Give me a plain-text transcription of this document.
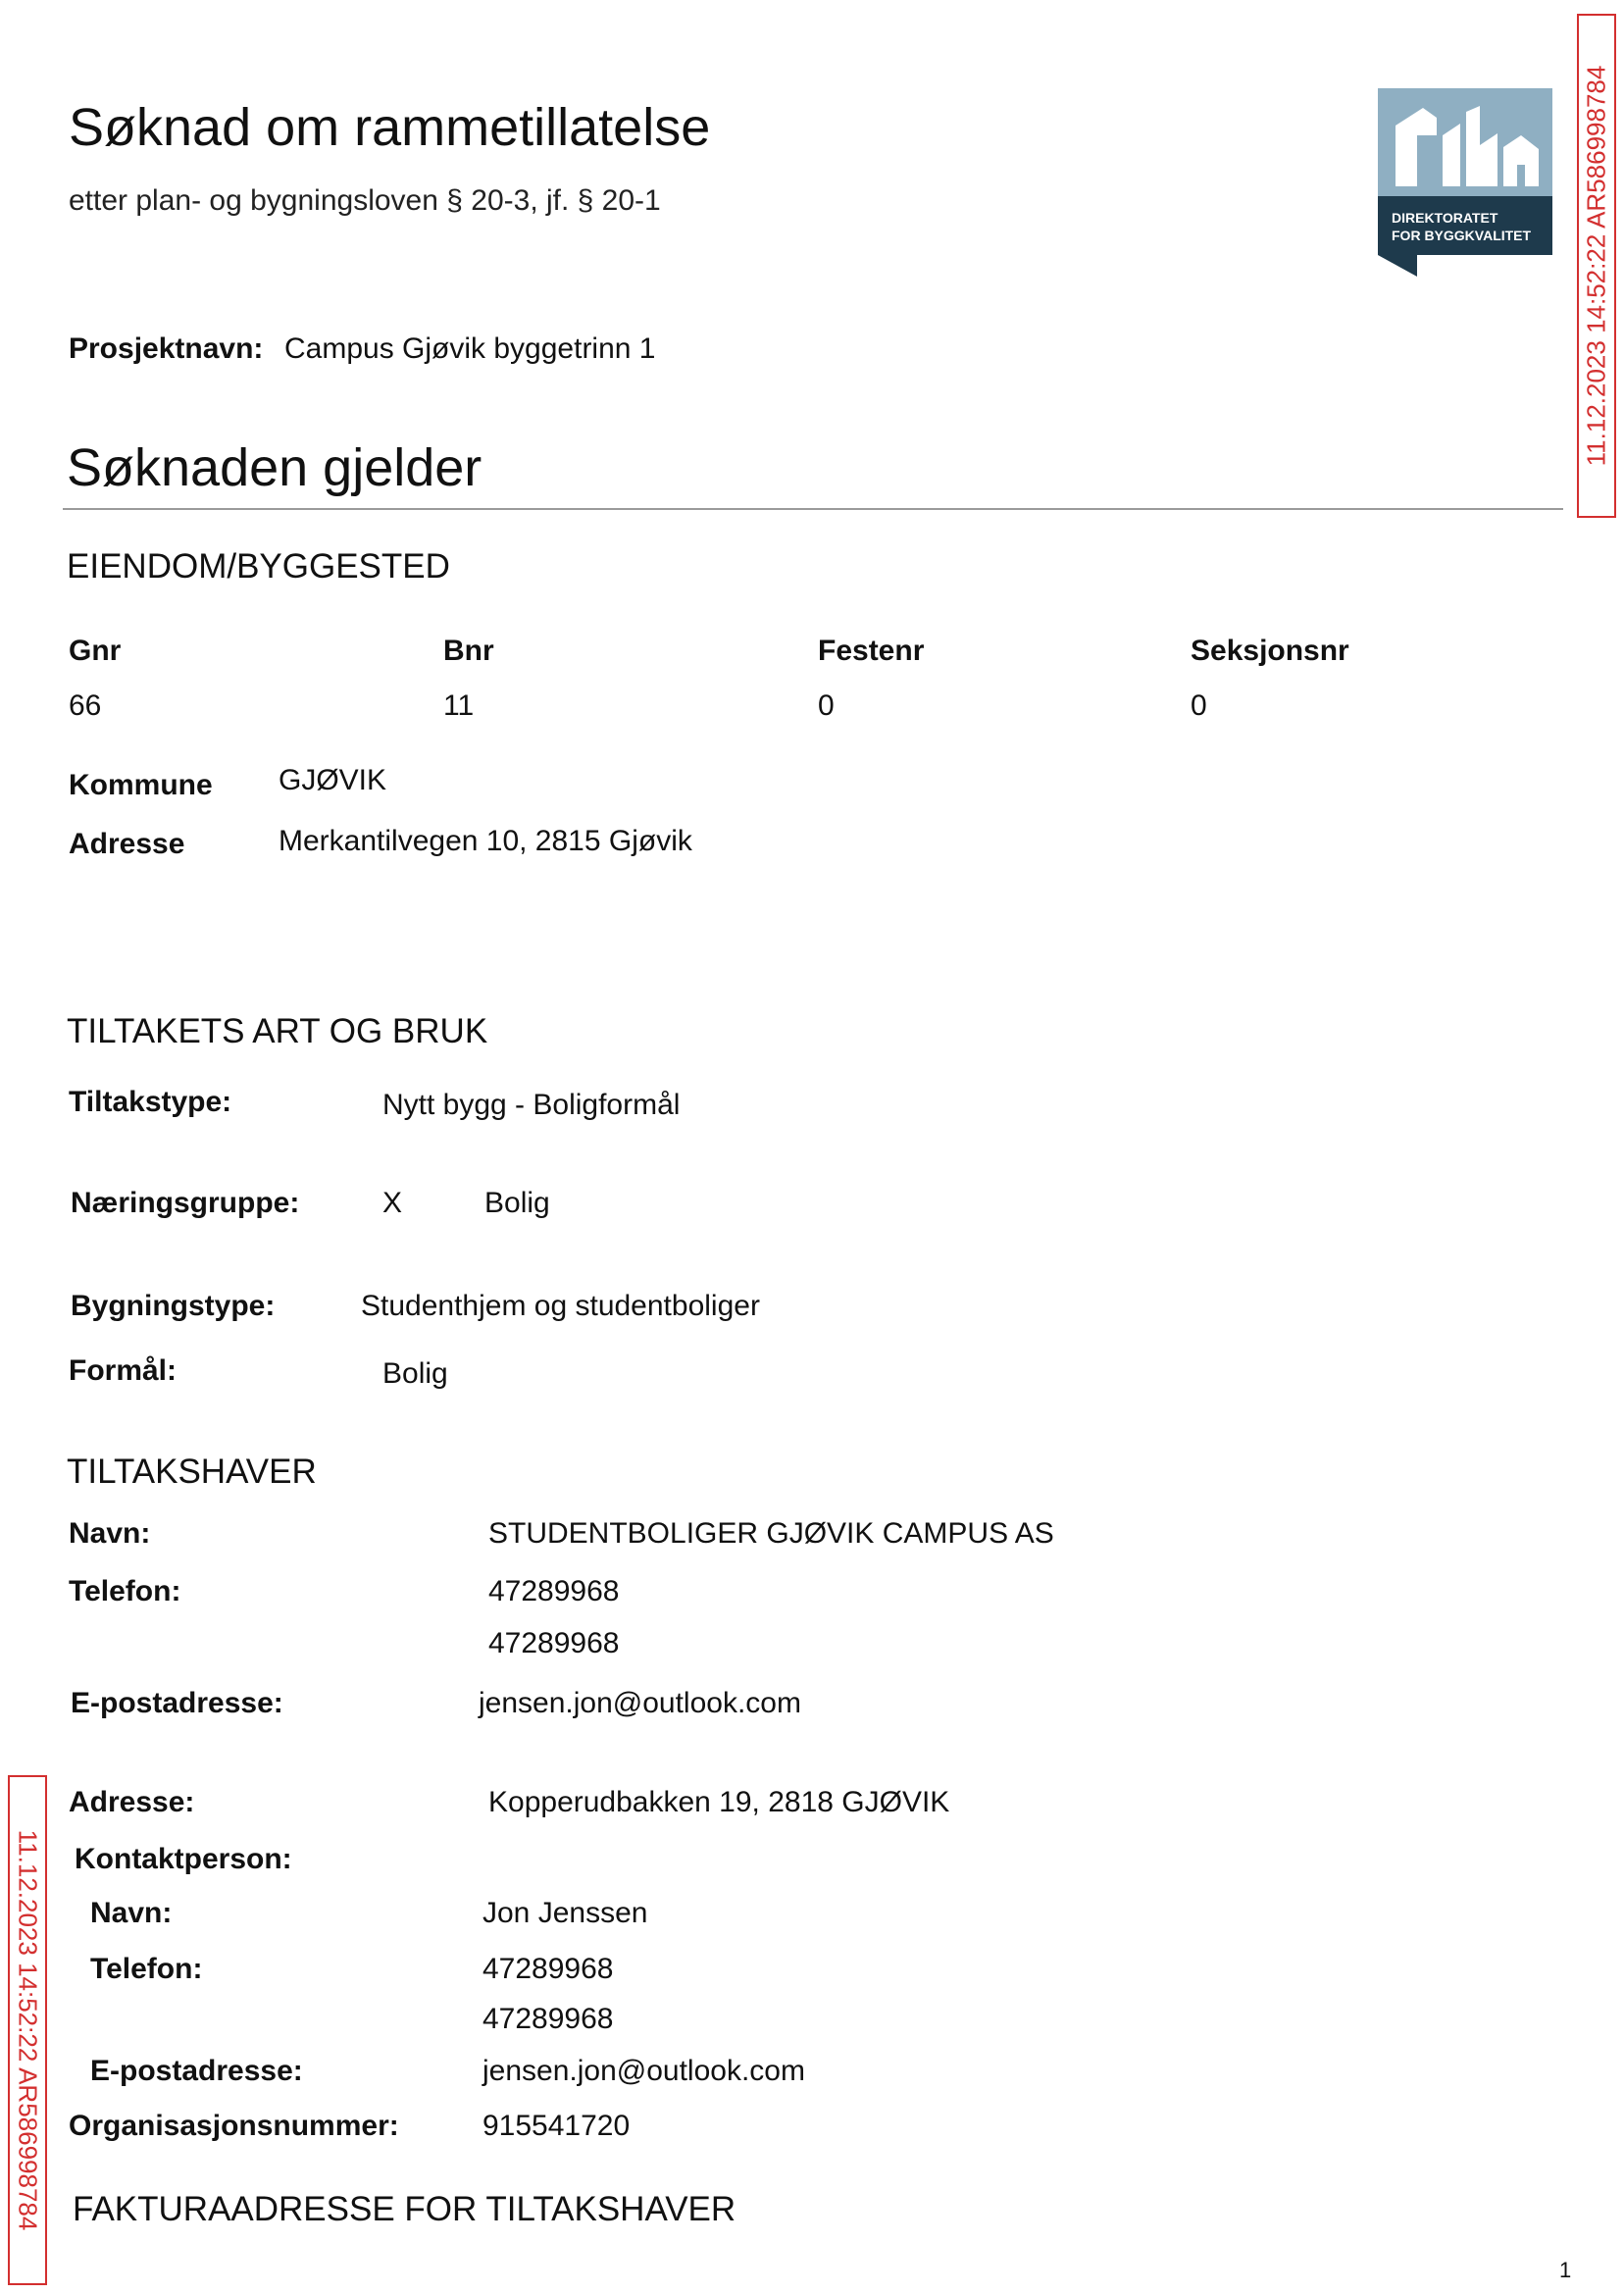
Søknad om rammetillatelse
etter plan- og bygningsloven § 20-3, jf. § 20-1
DIREKTORATET
FOR BYGGKVALITET 11.12.2023 14:52:22 AR586998784
Prosjektnavn: Campus Gjøvik byggetrinn 1
Søknaden gjelder
EIENDOM/BYGGESTED
Gnr	Bnr	Festenr	Seksjonsnr
66	11	0	0
Kommune GJØVIK
Adresse	Merkantilvegen 10, 2815 Gjøvik
TILTAKETS ART OG BRUK
Tiltakstype:	Nytt bygg - Boligformål
Næringsgruppe:	X	Bolig
Bygningstype:	Studenthjem og studentboliger
Formål:	Bolig
TILTAKSHAVER
Navn:	STUDENTBOLIGER GJØVIK CAMPUS AS
Telefon:	47289968
47289968
E-postadresse:	jensen.jon@outlook.com
Adresse:	Kopperudbakken 19, 2818 GJØVIK
Kontaktperson:
Navn:	Jon Jenssen
Telefon:	47289968
47289968
E-postadresse:	jensen.jon@outlook.com
Organisasjonsnummer:	915541720
FAKTURAADRESSE FOR TILTAKSHAVER
11.12.2023 14:52:22 AR586998784
1
